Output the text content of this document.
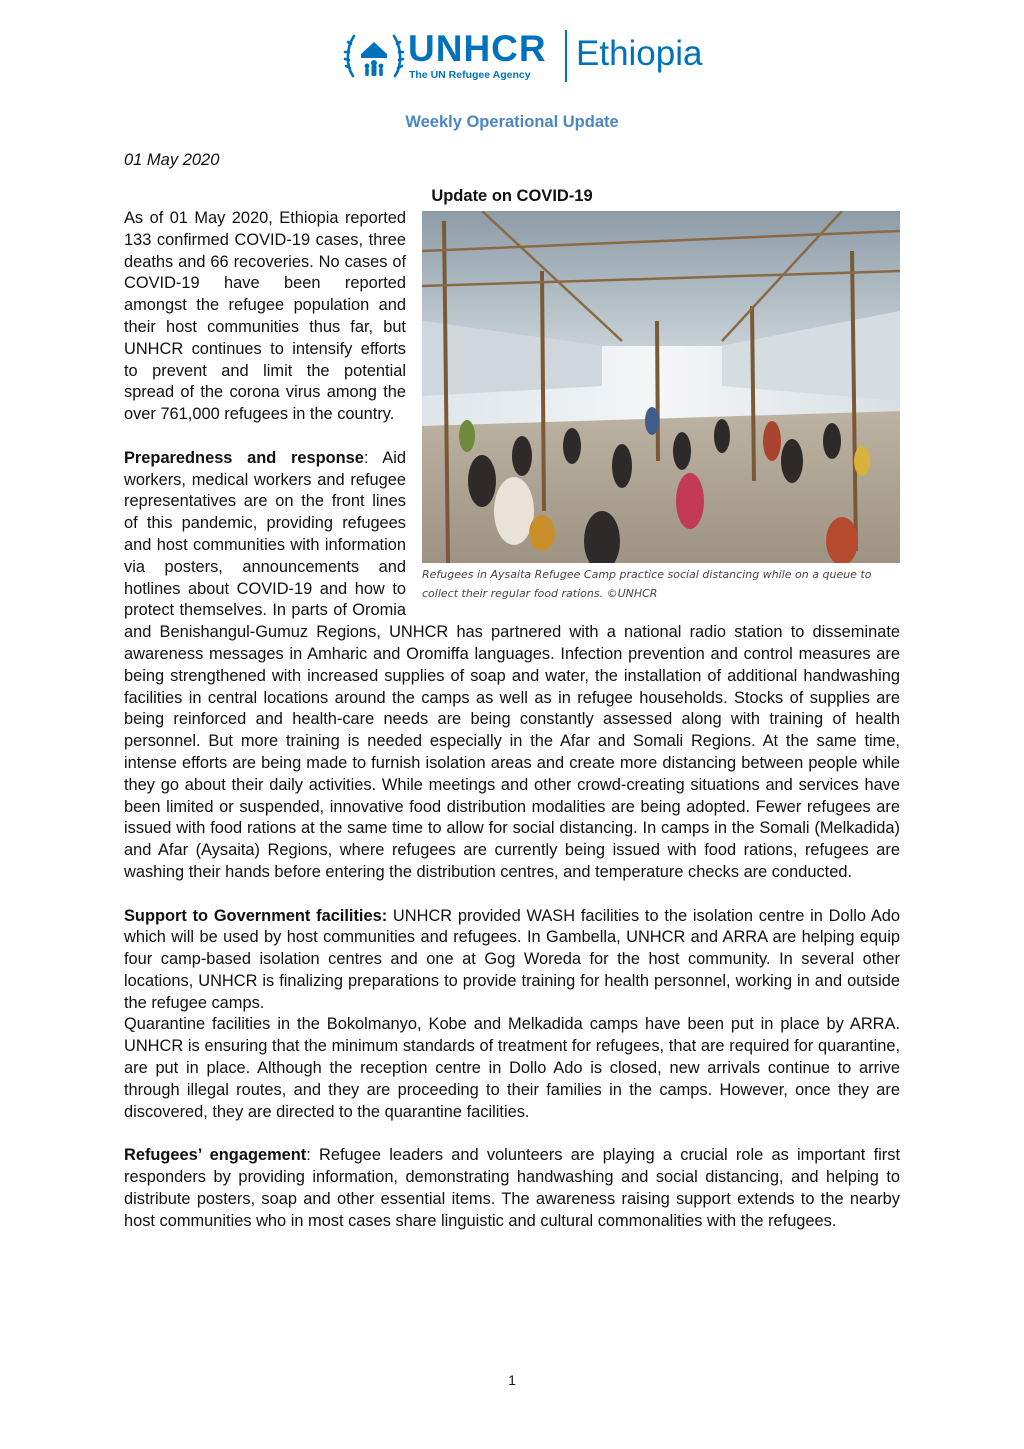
UNHCR
The UN Refugee Agency
Ethiopia
Weekly Operational Update
01 May 2020
Update on COVID-19
Refugees in Aysaita Refugee Camp practice social distancing while on a queue to collect their regular food rations. ©UNHCR

As of 01 May 2020, Ethiopia reported 133 confirmed COVID-19 cases, three deaths and 66 recoveries. No cases of COVID-19 have been reported amongst the refugee population and their host communities thus far, but UNHCR continues to intensify efforts to prevent and limit the potential spread of the corona virus among the over 761,000 refugees in the country.

Preparedness and response: Aid workers, medical workers and refugee representatives are on the front lines of this pandemic, providing refugees and host communities with information via posters, announcements and hotlines about COVID-19 and how to protect themselves. In parts of Oromia and Benishangul-Gumuz Regions, UNHCR has partnered with a national radio station to disseminate awareness messages in Amharic and Oromiffa languages. Infection prevention and control measures are being strengthened with increased supplies of soap and water, the installation of additional handwashing facilities in central locations around the camps as well as in refugee households. Stocks of supplies are being reinforced and health-care needs are being constantly assessed along with training of health personnel. But more training is needed especially in the Afar and Somali Regions. At the same time, intense efforts are being made to furnish isolation areas and create more distancing between people while they go about their daily activities. While meetings and other crowd-creating situations and services have been limited or suspended, innovative food distribution modalities are being adopted. Fewer refugees are issued with food rations at the same time to allow for social distancing. In camps in the Somali (Melkadida) and Afar (Aysaita) Regions, where refugees are currently being issued with food rations, refugees are washing their hands before entering the distribution centres, and temperature checks are conducted.

Support to Government facilities: UNHCR provided WASH facilities to the isolation centre in Dollo Ado which will be used by host communities and refugees. In Gambella, UNHCR and ARRA are helping equip four camp-based isolation centres and one at Gog Woreda for the host community. In several other locations, UNHCR is finalizing preparations to provide training for health personnel, working in and outside the refugee camps.

Quarantine facilities in the Bokolmanyo, Kobe and Melkadida camps have been put in place by ARRA. UNHCR is ensuring that the minimum standards of treatment for refugees, that are required for quarantine, are put in place. Although the reception centre in Dollo Ado is closed, new arrivals continue to arrive through illegal routes, and they are proceeding to their families in the camps. However, once they are discovered, they are directed to the quarantine facilities.

Refugees’ engagement: Refugee leaders and volunteers are playing a crucial role as important first responders by providing information, demonstrating handwashing and social distancing, and helping to distribute posters, soap and other essential items. The awareness raising support extends to the nearby host communities who in most cases share linguistic and cultural commonalities with the refugees.

1
